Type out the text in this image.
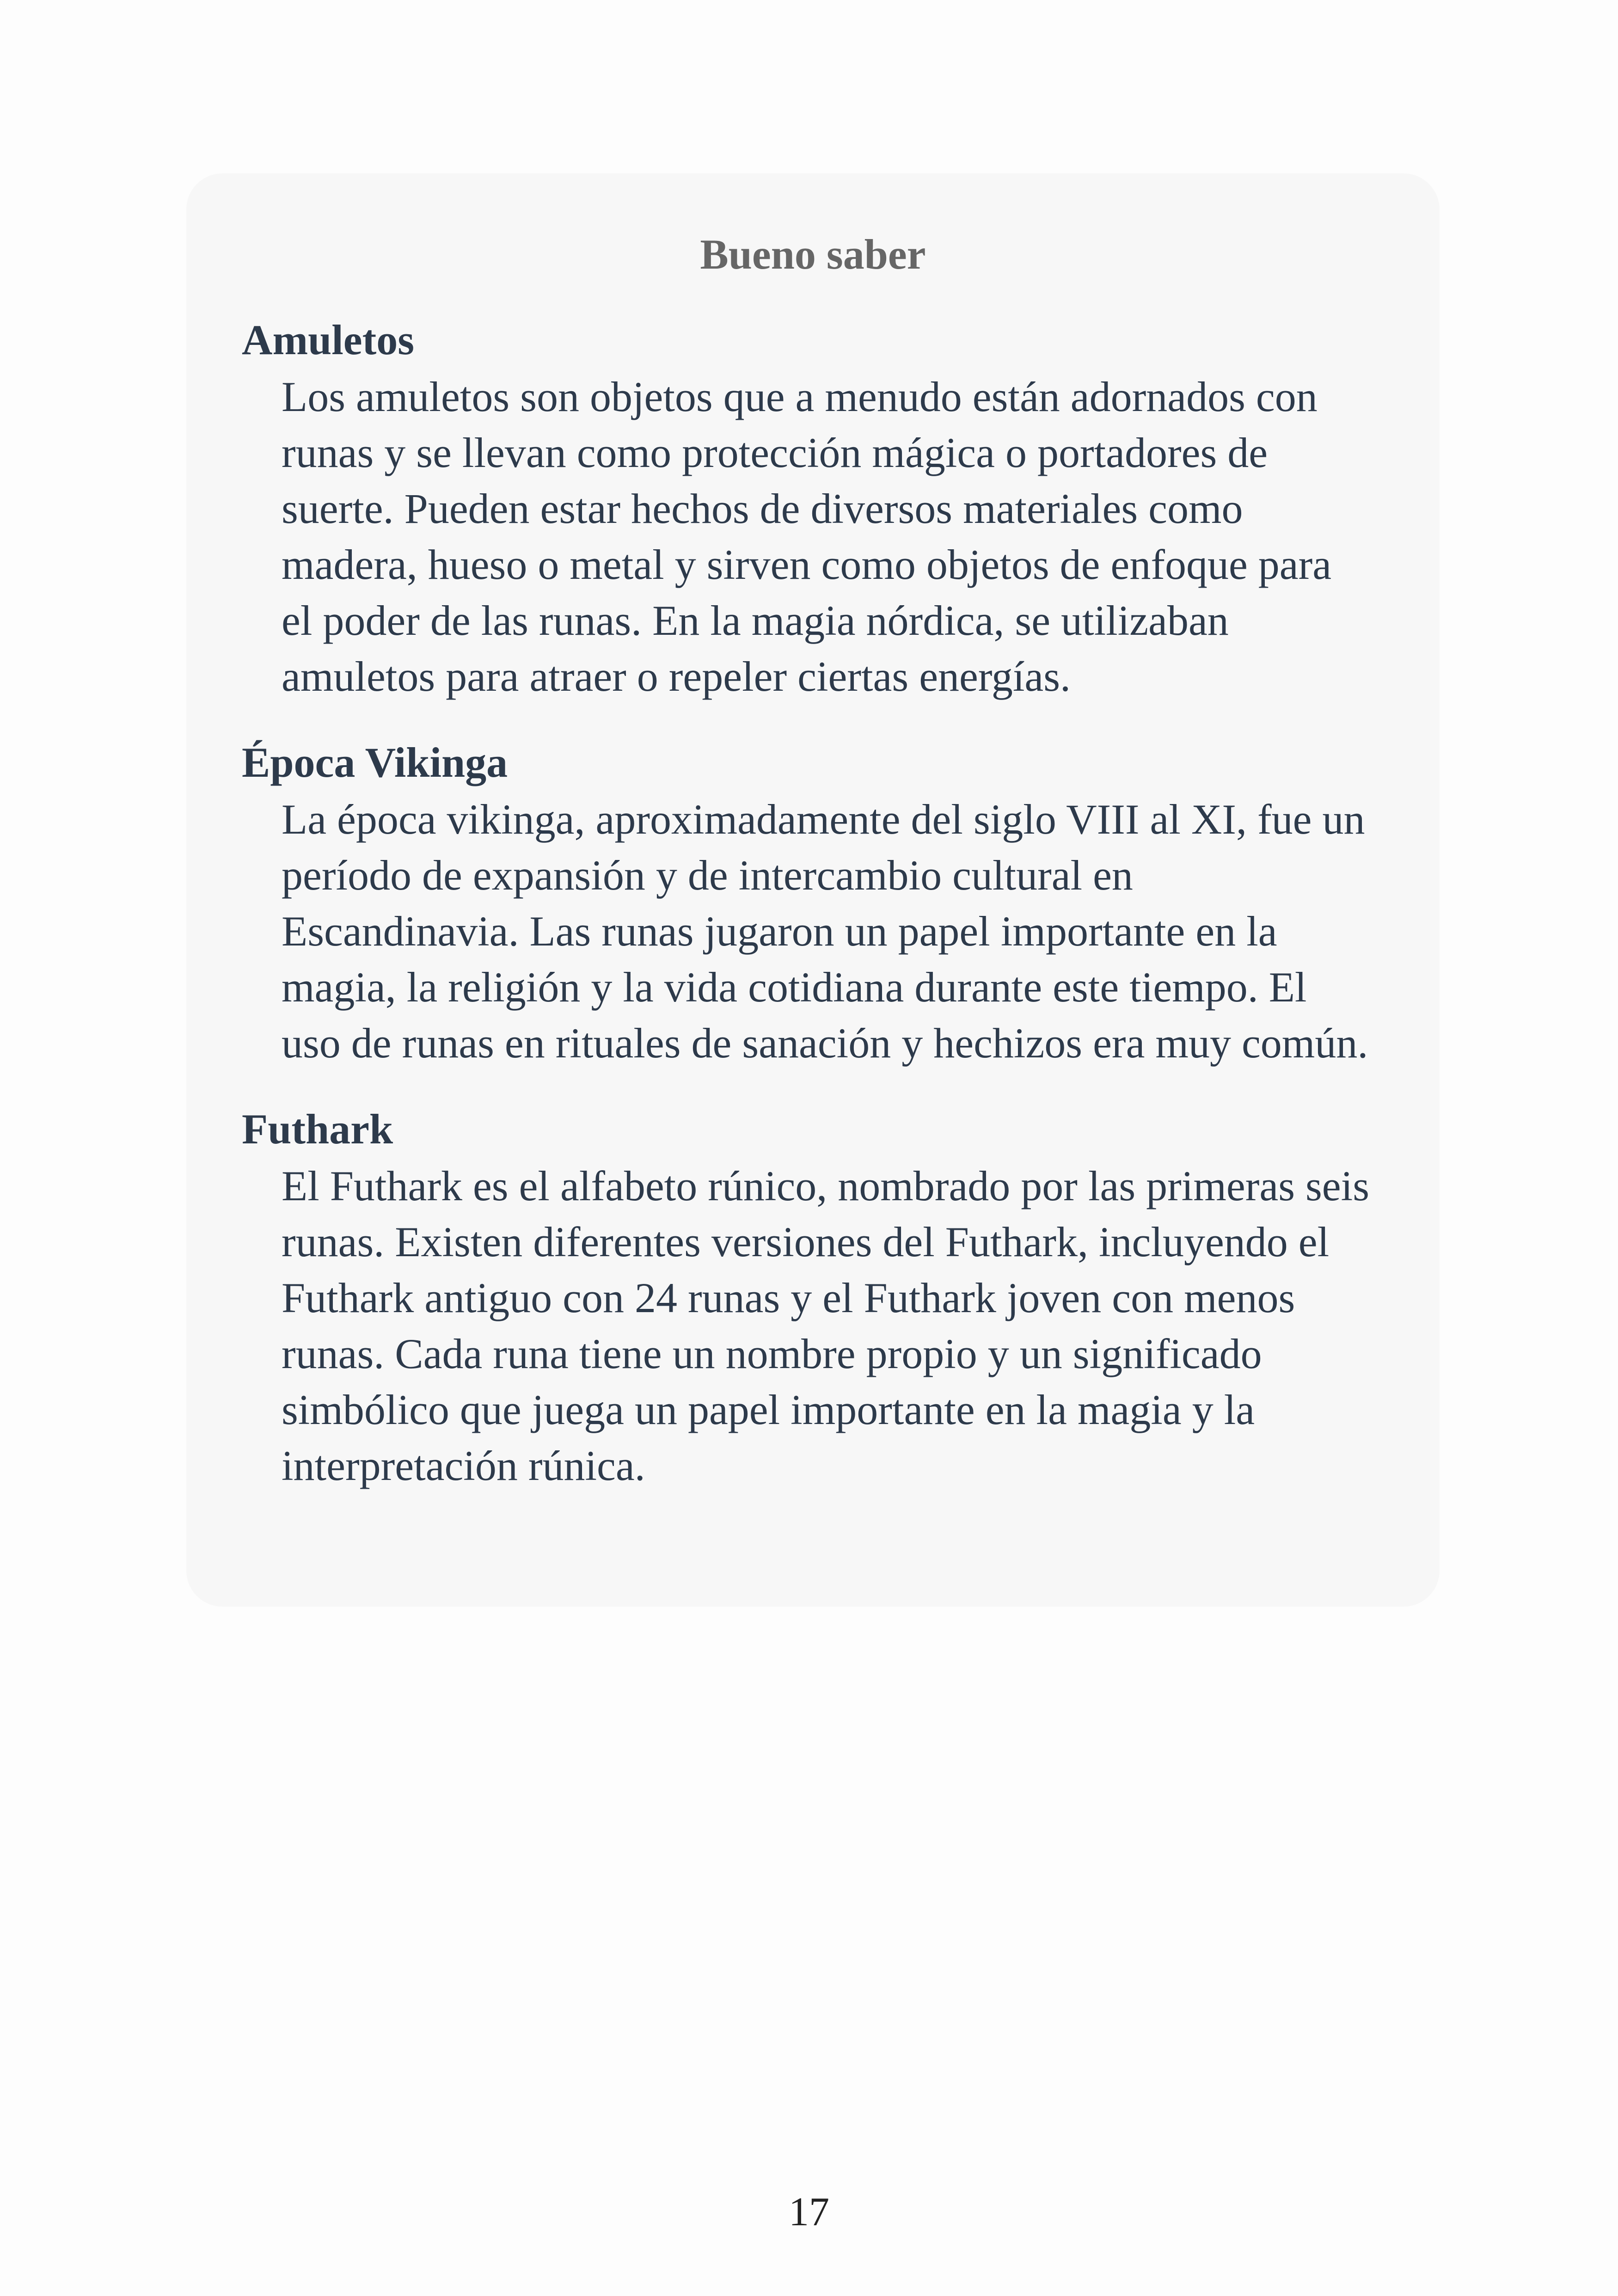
Bueno saber
Amuletos
Los amuletos son objetos que a menudo están adornados con
runas y se llevan como protección mágica o portadores de
suerte. Pueden estar hechos de diversos materiales como
madera, hueso o metal y sirven como objetos de enfoque para
el poder de las runas. En la magia nórdica, se utilizaban
amuletos para atraer o repeler ciertas energías.
Época Vikinga
La época vikinga, aproximadamente del siglo VIII al XI, fue un
período de expansión y de intercambio cultural en
Escandinavia. Las runas jugaron un papel importante en la
magia, la religión y la vida cotidiana durante este tiempo. El
uso de runas en rituales de sanación y hechizos era muy común.
Futhark
El Futhark es el alfabeto rúnico, nombrado por las primeras seis
runas. Existen diferentes versiones del Futhark, incluyendo el
Futhark antiguo con 24 runas y el Futhark joven con menos
runas. Cada runa tiene un nombre propio y un significado
simbólico que juega un papel importante en la magia y la
interpretación rúnica.
17
